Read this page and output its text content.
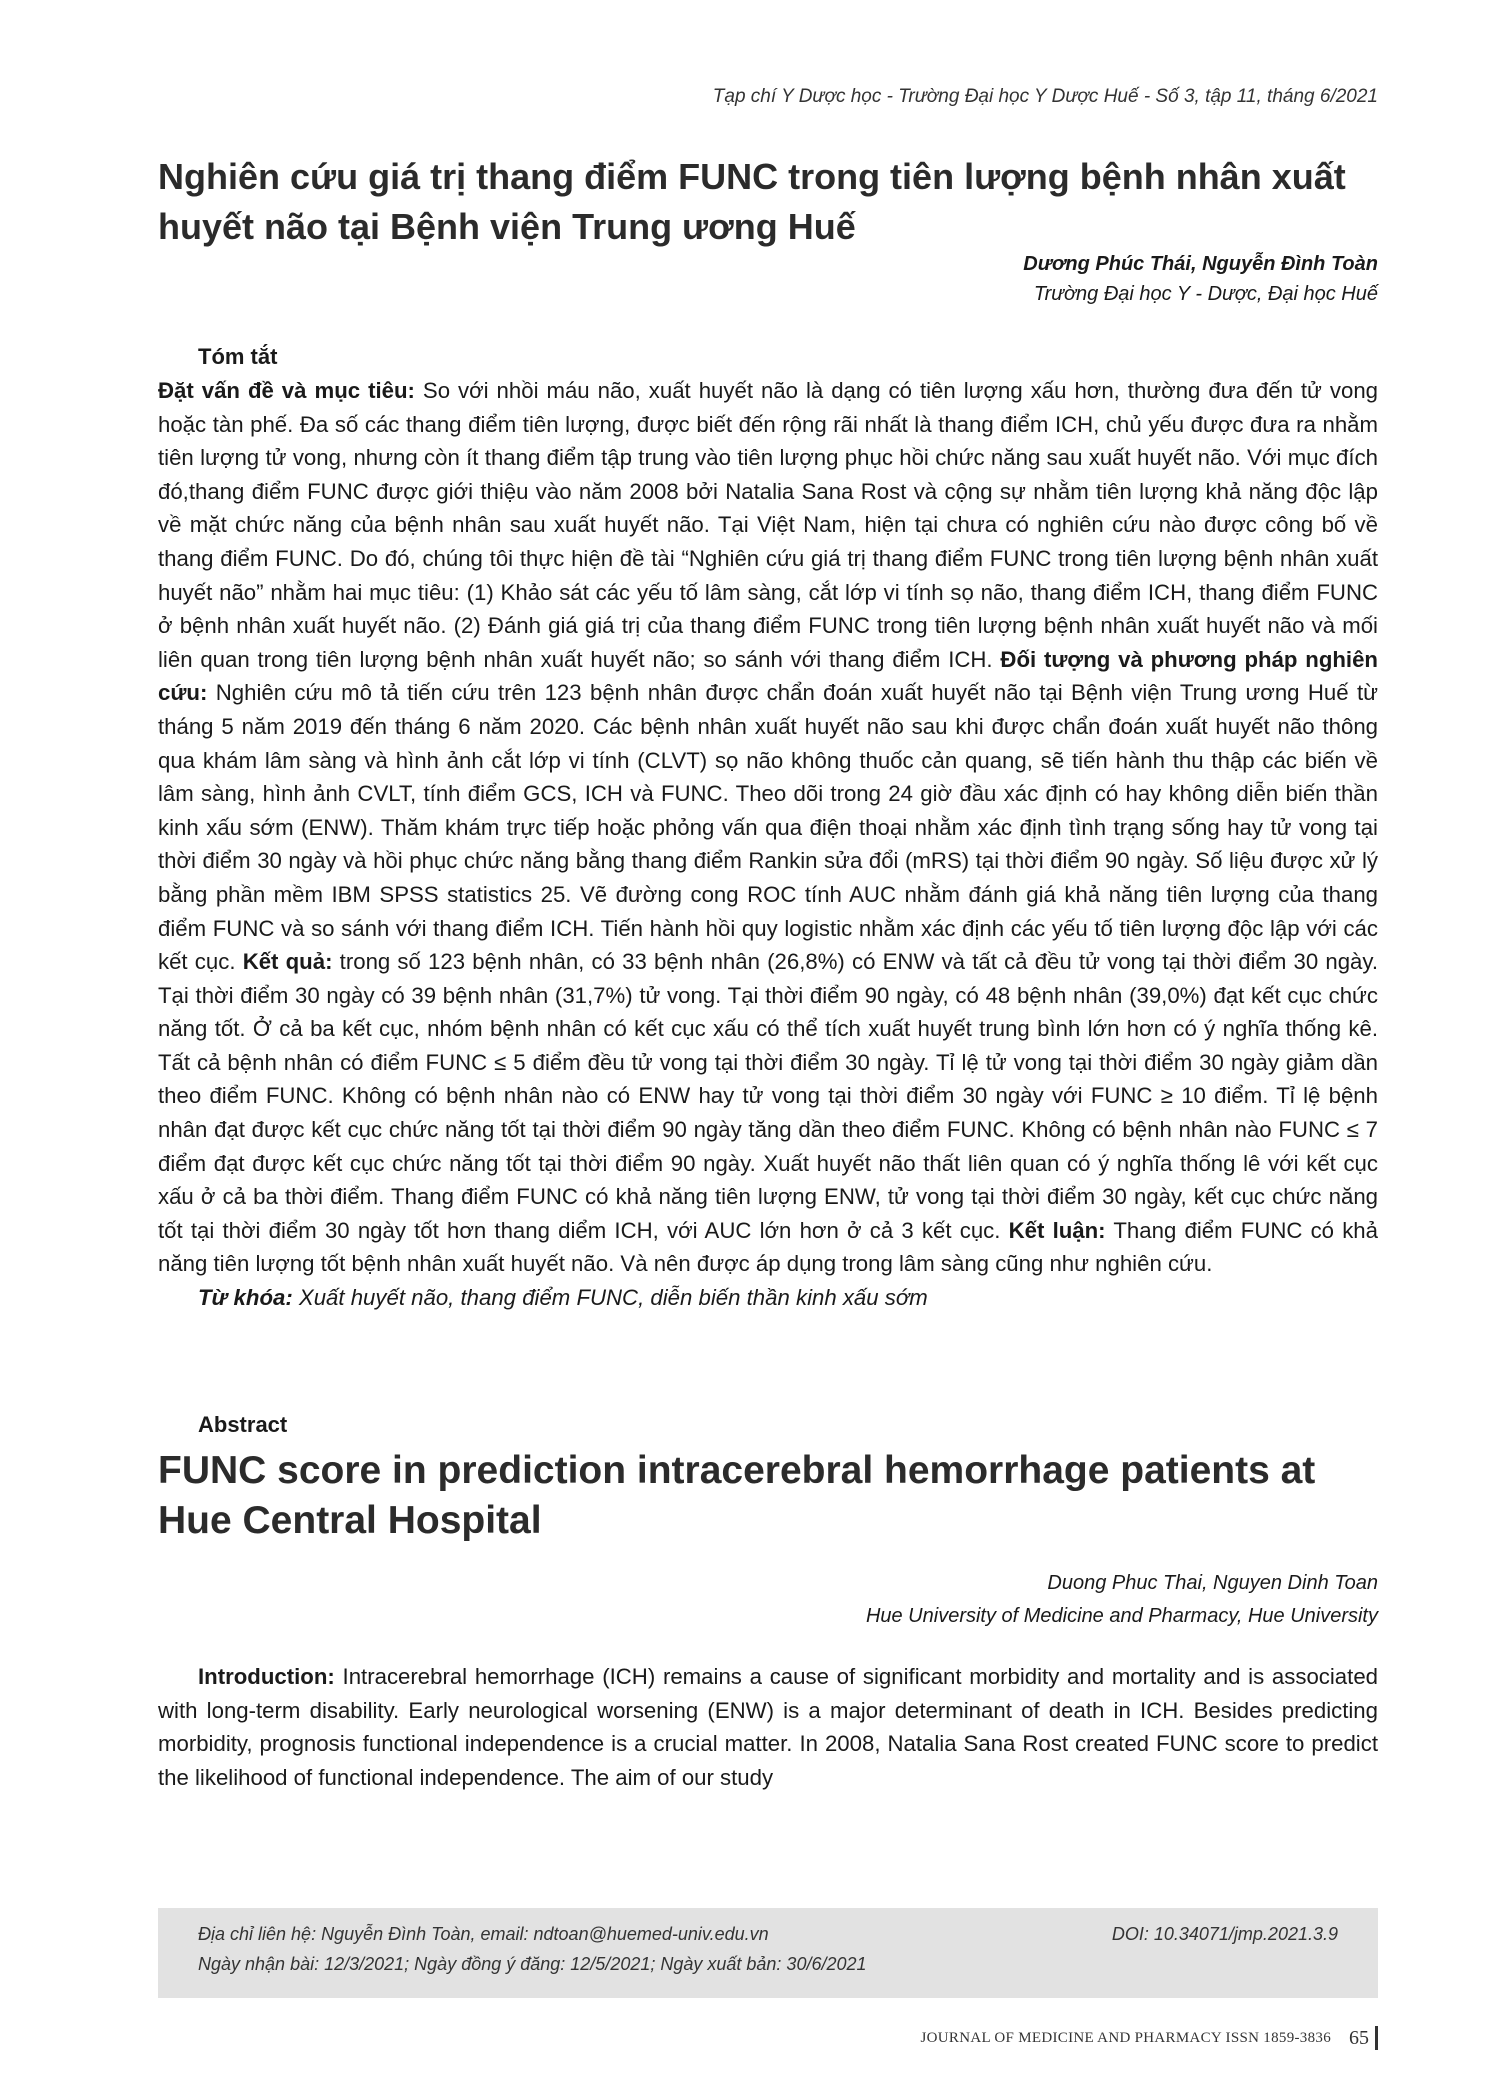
Tạp chí Y Dược học - Trường Đại học Y Dược Huế - Số 3, tập 11, tháng 6/2021
Nghiên cứu giá trị thang điểm FUNC trong tiên lượng bệnh nhân xuất huyết não tại Bệnh viện Trung ương Huế
Dương Phúc Thái, Nguyễn Đình Toàn
Trường Đại học Y - Dược, Đại học Huế

Tóm tắt

Đặt vấn đề và mục tiêu: So với nhồi máu não, xuất huyết não là dạng có tiên lượng xấu hơn, thường đưa đến tử vong hoặc tàn phế. Đa số các thang điểm tiên lượng, được biết đến rộng rãi nhất là thang điểm ICH, chủ yếu được đưa ra nhằm tiên lượng tử vong, nhưng còn ít thang điểm tập trung vào tiên lượng phục hồi chức năng sau xuất huyết não. Với mục đích đó,thang điểm FUNC được giới thiệu vào năm 2008 bởi Natalia Sana Rost và cộng sự nhằm tiên lượng khả năng độc lập về mặt chức năng của bệnh nhân sau xuất huyết não. Tại Việt Nam, hiện tại chưa có nghiên cứu nào được công bố về thang điểm FUNC. Do đó, chúng tôi thực hiện đề tài “Nghiên cứu giá trị thang điểm FUNC trong tiên lượng bệnh nhân xuất huyết não” nhằm hai mục tiêu: (1) Khảo sát các yếu tố lâm sàng, cắt lớp vi tính sọ não, thang điểm ICH, thang điểm FUNC ở bệnh nhân xuất huyết não. (2) Đánh giá giá trị của thang điểm FUNC trong tiên lượng bệnh nhân xuất huyết não và mối liên quan trong tiên lượng bệnh nhân xuất huyết não; so sánh với thang điểm ICH. Đối tượng và phương pháp nghiên cứu: Nghiên cứu mô tả tiến cứu trên 123 bệnh nhân được chẩn đoán xuất huyết não tại Bệnh viện Trung ương Huế từ tháng 5 năm 2019 đến tháng 6 năm 2020. Các bệnh nhân xuất huyết não sau khi được chẩn đoán xuất huyết não thông qua khám lâm sàng và hình ảnh cắt lớp vi tính (CLVT) sọ não không thuốc cản quang, sẽ tiến hành thu thập các biến về lâm sàng, hình ảnh CVLT, tính điểm GCS, ICH và FUNC. Theo dõi trong 24 giờ đầu xác định có hay không diễn biến thần kinh xấu sớm (ENW). Thăm khám trực tiếp hoặc phỏng vấn qua điện thoại nhằm xác định tình trạng sống hay tử vong tại thời điểm 30 ngày và hồi phục chức năng bằng thang điểm Rankin sửa đổi (mRS) tại thời điểm 90 ngày. Số liệu được xử lý bằng phần mềm IBM SPSS statistics 25. Vẽ đường cong ROC tính AUC nhằm đánh giá khả năng tiên lượng của thang điểm FUNC và so sánh với thang điểm ICH. Tiến hành hồi quy logistic nhằm xác định các yếu tố tiên lượng độc lập với các kết cục. Kết quả: trong số 123 bệnh nhân, có 33 bệnh nhân (26,8%) có ENW và tất cả đều tử vong tại thời điểm 30 ngày. Tại thời điểm 30 ngày có 39 bệnh nhân (31,7%) tử vong. Tại thời điểm 90 ngày, có 48 bệnh nhân (39,0%) đạt kết cục chức năng tốt. Ở cả ba kết cục, nhóm bệnh nhân có kết cục xấu có thể tích xuất huyết trung bình lớn hơn có ý nghĩa thống kê. Tất cả bệnh nhân có điểm FUNC ≤ 5 điểm đều tử vong tại thời điểm 30 ngày. Tỉ lệ tử vong tại thời điểm 30 ngày giảm dần theo điểm FUNC. Không có bệnh nhân nào có ENW hay tử vong tại thời điểm 30 ngày với FUNC ≥ 10 điểm. Tỉ lệ bệnh nhân đạt được kết cục chức năng tốt tại thời điểm 90 ngày tăng dần theo điểm FUNC. Không có bệnh nhân nào FUNC ≤ 7 điểm đạt được kết cục chức năng tốt tại thời điểm 90 ngày. Xuất huyết não thất liên quan có ý nghĩa thống lê với kết cục xấu ở cả ba thời điểm. Thang điểm FUNC có khả năng tiên lượng ENW, tử vong tại thời điểm 30 ngày, kết cục chức năng tốt tại thời điểm 30 ngày tốt hơn thang diểm ICH, với AUC lớn hơn ở cả 3 kết cục. Kết luận: Thang điểm FUNC có khả năng tiên lượng tốt bệnh nhân xuất huyết não. Và nên được áp dụng trong lâm sàng cũng như nghiên cứu.

Từ khóa: Xuất huyết não, thang điểm FUNC, diễn biến thần kinh xấu sớm

Abstract
FUNC score in prediction intracerebral hemorrhage patients at Hue Central Hospital
Duong Phuc Thai, Nguyen Dinh Toan
Hue University of Medicine and Pharmacy, Hue University

Introduction: Intracerebral hemorrhage (ICH) remains a cause of significant morbidity and mortality and is associated with long-term disability. Early neurological worsening (ENW) is a major determinant of death in ICH. Besides predicting morbidity, prognosis functional independence is a crucial matter. In 2008, Natalia Sana Rost created FUNC score to predict the likelihood of functional independence. The aim of our study

Địa chỉ liên hệ: Nguyễn Đình Toàn, email: ndtoan@huemed-univ.edu.vn	DOI: 10.34071/jmp.2021.3.9
Ngày nhận bài: 12/3/2021; Ngày đồng ý đăng: 12/5/2021; Ngày xuất bản: 30/6/2021
JOURNAL OF MEDICINE AND PHARMACY ISSN 1859-3836 65
